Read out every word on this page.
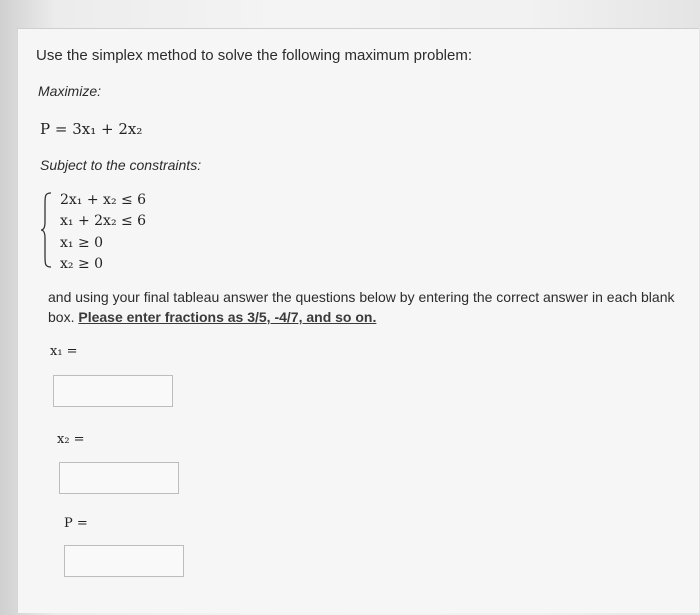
Use the simplex method to solve the following maximum problem:
Maximize:
P = 3x₁ + 2x₂
Subject to the constraints:
2x₁ + x₂ ≤ 6
x₁ + 2x₂ ≤ 6
x₁ ≥ 0
x₂ ≥ 0
and using your final tableau answer the questions below by entering the correct answer in each blank box. Please enter fractions as 3/5, -4/7, and so on.
x₁ =
x₂ =
P =
